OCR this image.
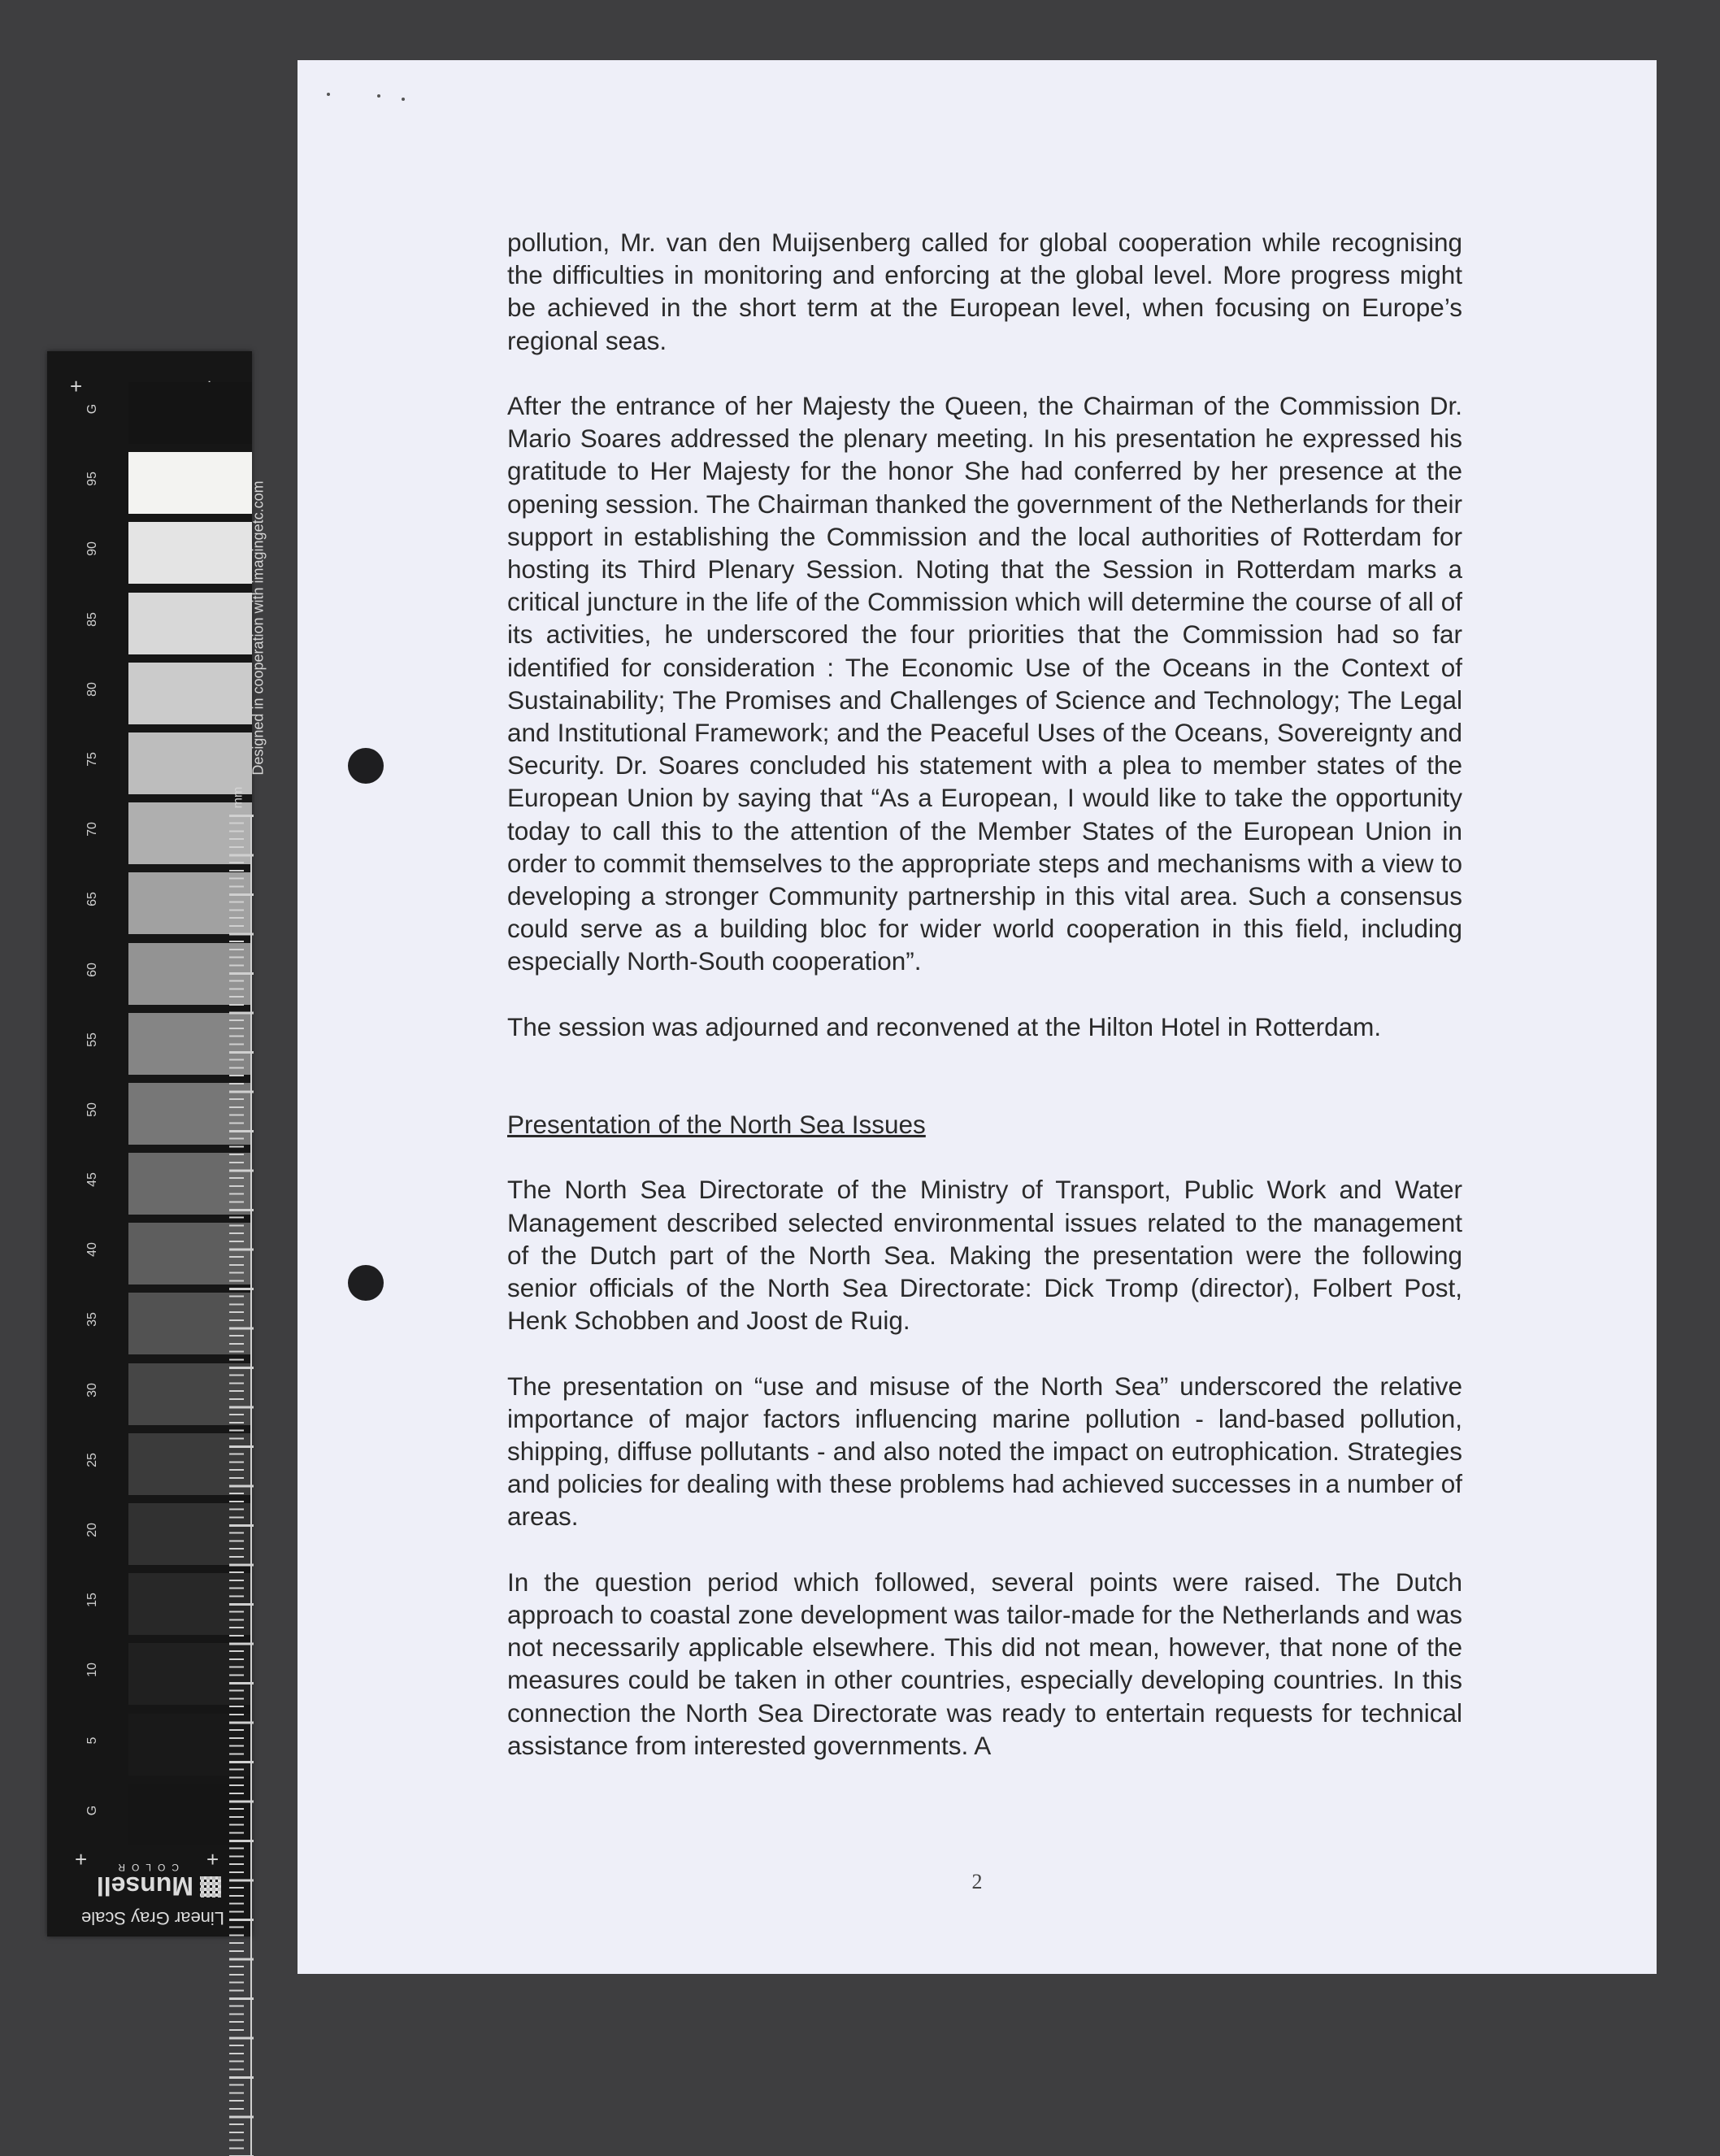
+
+	+
G
95
90
85
80
75
70
65
60
55
50
45
40
35
30
25
20
15
10
5
G
Designed in cooperation with imagingetc.com
mm
Linear Gray Scale
Munsell
COLOR

pollution, Mr. van den Muijsenberg called for global cooperation while recognising the difficulties in monitoring and enforcing at the global level. More progress might be achieved in the short term at the European level, when focusing on Europe’s regional seas.

After the entrance of her Majesty the Queen, the Chairman of the Commission Dr. Mario Soares addressed the plenary meeting. In his presentation he expressed his gratitude to Her Majesty for the honor She had conferred by her presence at the opening session. The Chairman thanked the government of the Netherlands for their support in establishing the Commission and the local authorities of Rotterdam for hosting its Third Plenary Session. Noting that the Session in Rotterdam marks a critical juncture in the life of the Commission which will determine the course of all of its activities, he underscored the four priorities that the Commission had so far identified for consideration : The Economic Use of the Oceans in the Context of Sustainability; The Promises and Challenges of Science and Technology; The Legal and Institutional Framework; and the Peaceful Uses of the Oceans, Sovereignty and Security. Dr. Soares concluded his statement with a plea to member states of the European Union by saying that “As a European, I would like to take the opportunity today to call this to the attention of the Member States of the European Union in order to commit themselves to the appropriate steps and mechanisms with a view to developing a stronger Community partnership in this vital area. Such a consensus could serve as a building bloc for wider world cooperation in this field, including especially North-South cooperation”.

The session was adjourned and reconvened at the Hilton Hotel in Rotterdam.

Presentation of the North Sea Issues

The North Sea Directorate of the Ministry of Transport, Public Work and Water Management described selected environmental issues related to the management of the Dutch part of the North Sea. Making the presentation were the following senior officials of the North Sea Directorate: Dick Tromp (director), Folbert Post, Henk Schobben and Joost de Ruig.

The presentation on “use and misuse of the North Sea” underscored the relative importance of major factors influencing marine pollution - land-based pollution, shipping, diffuse pollutants - and also noted the impact on eutrophication. Strategies and policies for dealing with these problems had achieved successes in a number of areas.

In the question period which followed, several points were raised. The Dutch approach to coastal zone development was tailor-made for the Netherlands and was not necessarily applicable elsewhere. This did not mean, however, that none of the measures could be taken in other countries, especially developing countries. In this connection the North Sea Directorate was ready to entertain requests for technical assistance from interested governments. A

2
